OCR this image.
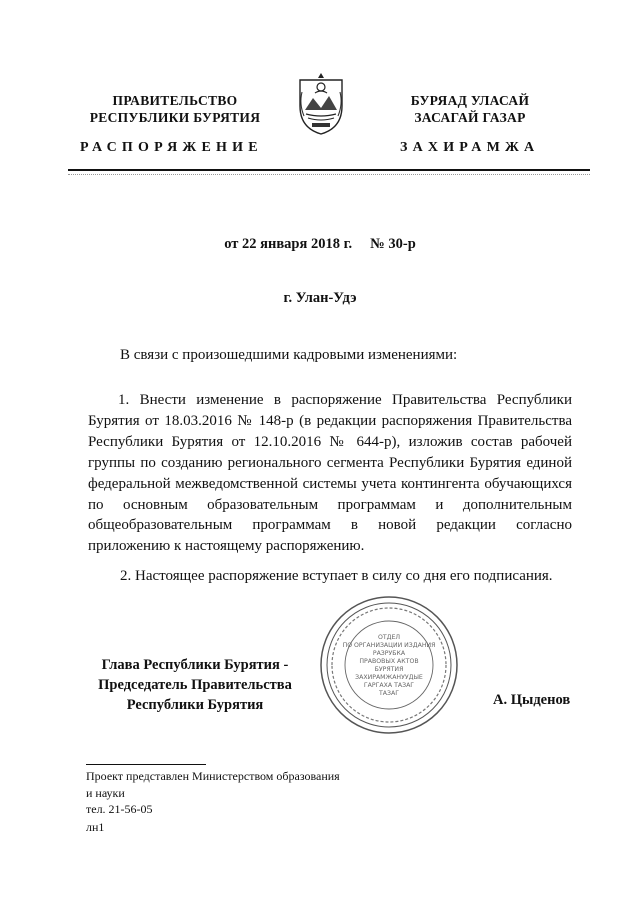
ПРАВИТЕЛЬСТВО
РЕСПУБЛИКИ БУРЯТИЯ
БУРЯАД УЛАСАЙ
ЗАСАГАЙ ГАЗАР
РАСПОРЯЖЕНИЕ	ЗАХИРАМЖА
от 22 января 2018 г. № 30-р
г. Улан-Удэ
В связи с произошедшими кадровыми изменениями:

1. Внести изменение в распоряжение Правительства Республики Бурятия от 18.03.2016 № 148-р (в редакции распоряжения Правительства Республики Бурятия от 12.10.2016 № 644-р), изложив состав рабочей группы по созданию регионального сегмента Республики Бурятия единой федеральной межведомственной системы учета контингента обучающихся по основным образовательным программам и дополнительным общеобразовательным программам в новой редакции согласно приложению к настоящему распоряжению.

2. Настоящее распоряжение вступает в силу со дня его подписания.
Глава Республики Бурятия -
Председатель Правительства
Республики Бурятия
ОТДЕЛ
ПО ОРГАНИЗАЦИИ ИЗДАНИЯ
РАЗРУБКА
ПРАВОВЫХ АКТОВ
БУРЯТИЯ
ЗАХИРАМЖАНУУДЫЕ
ГАРГАХА ТАЗАГ
ТАЗАГ	А. Цыденов
Проект представлен Министерством образования
и науки
тел. 21-56-05
лн1
